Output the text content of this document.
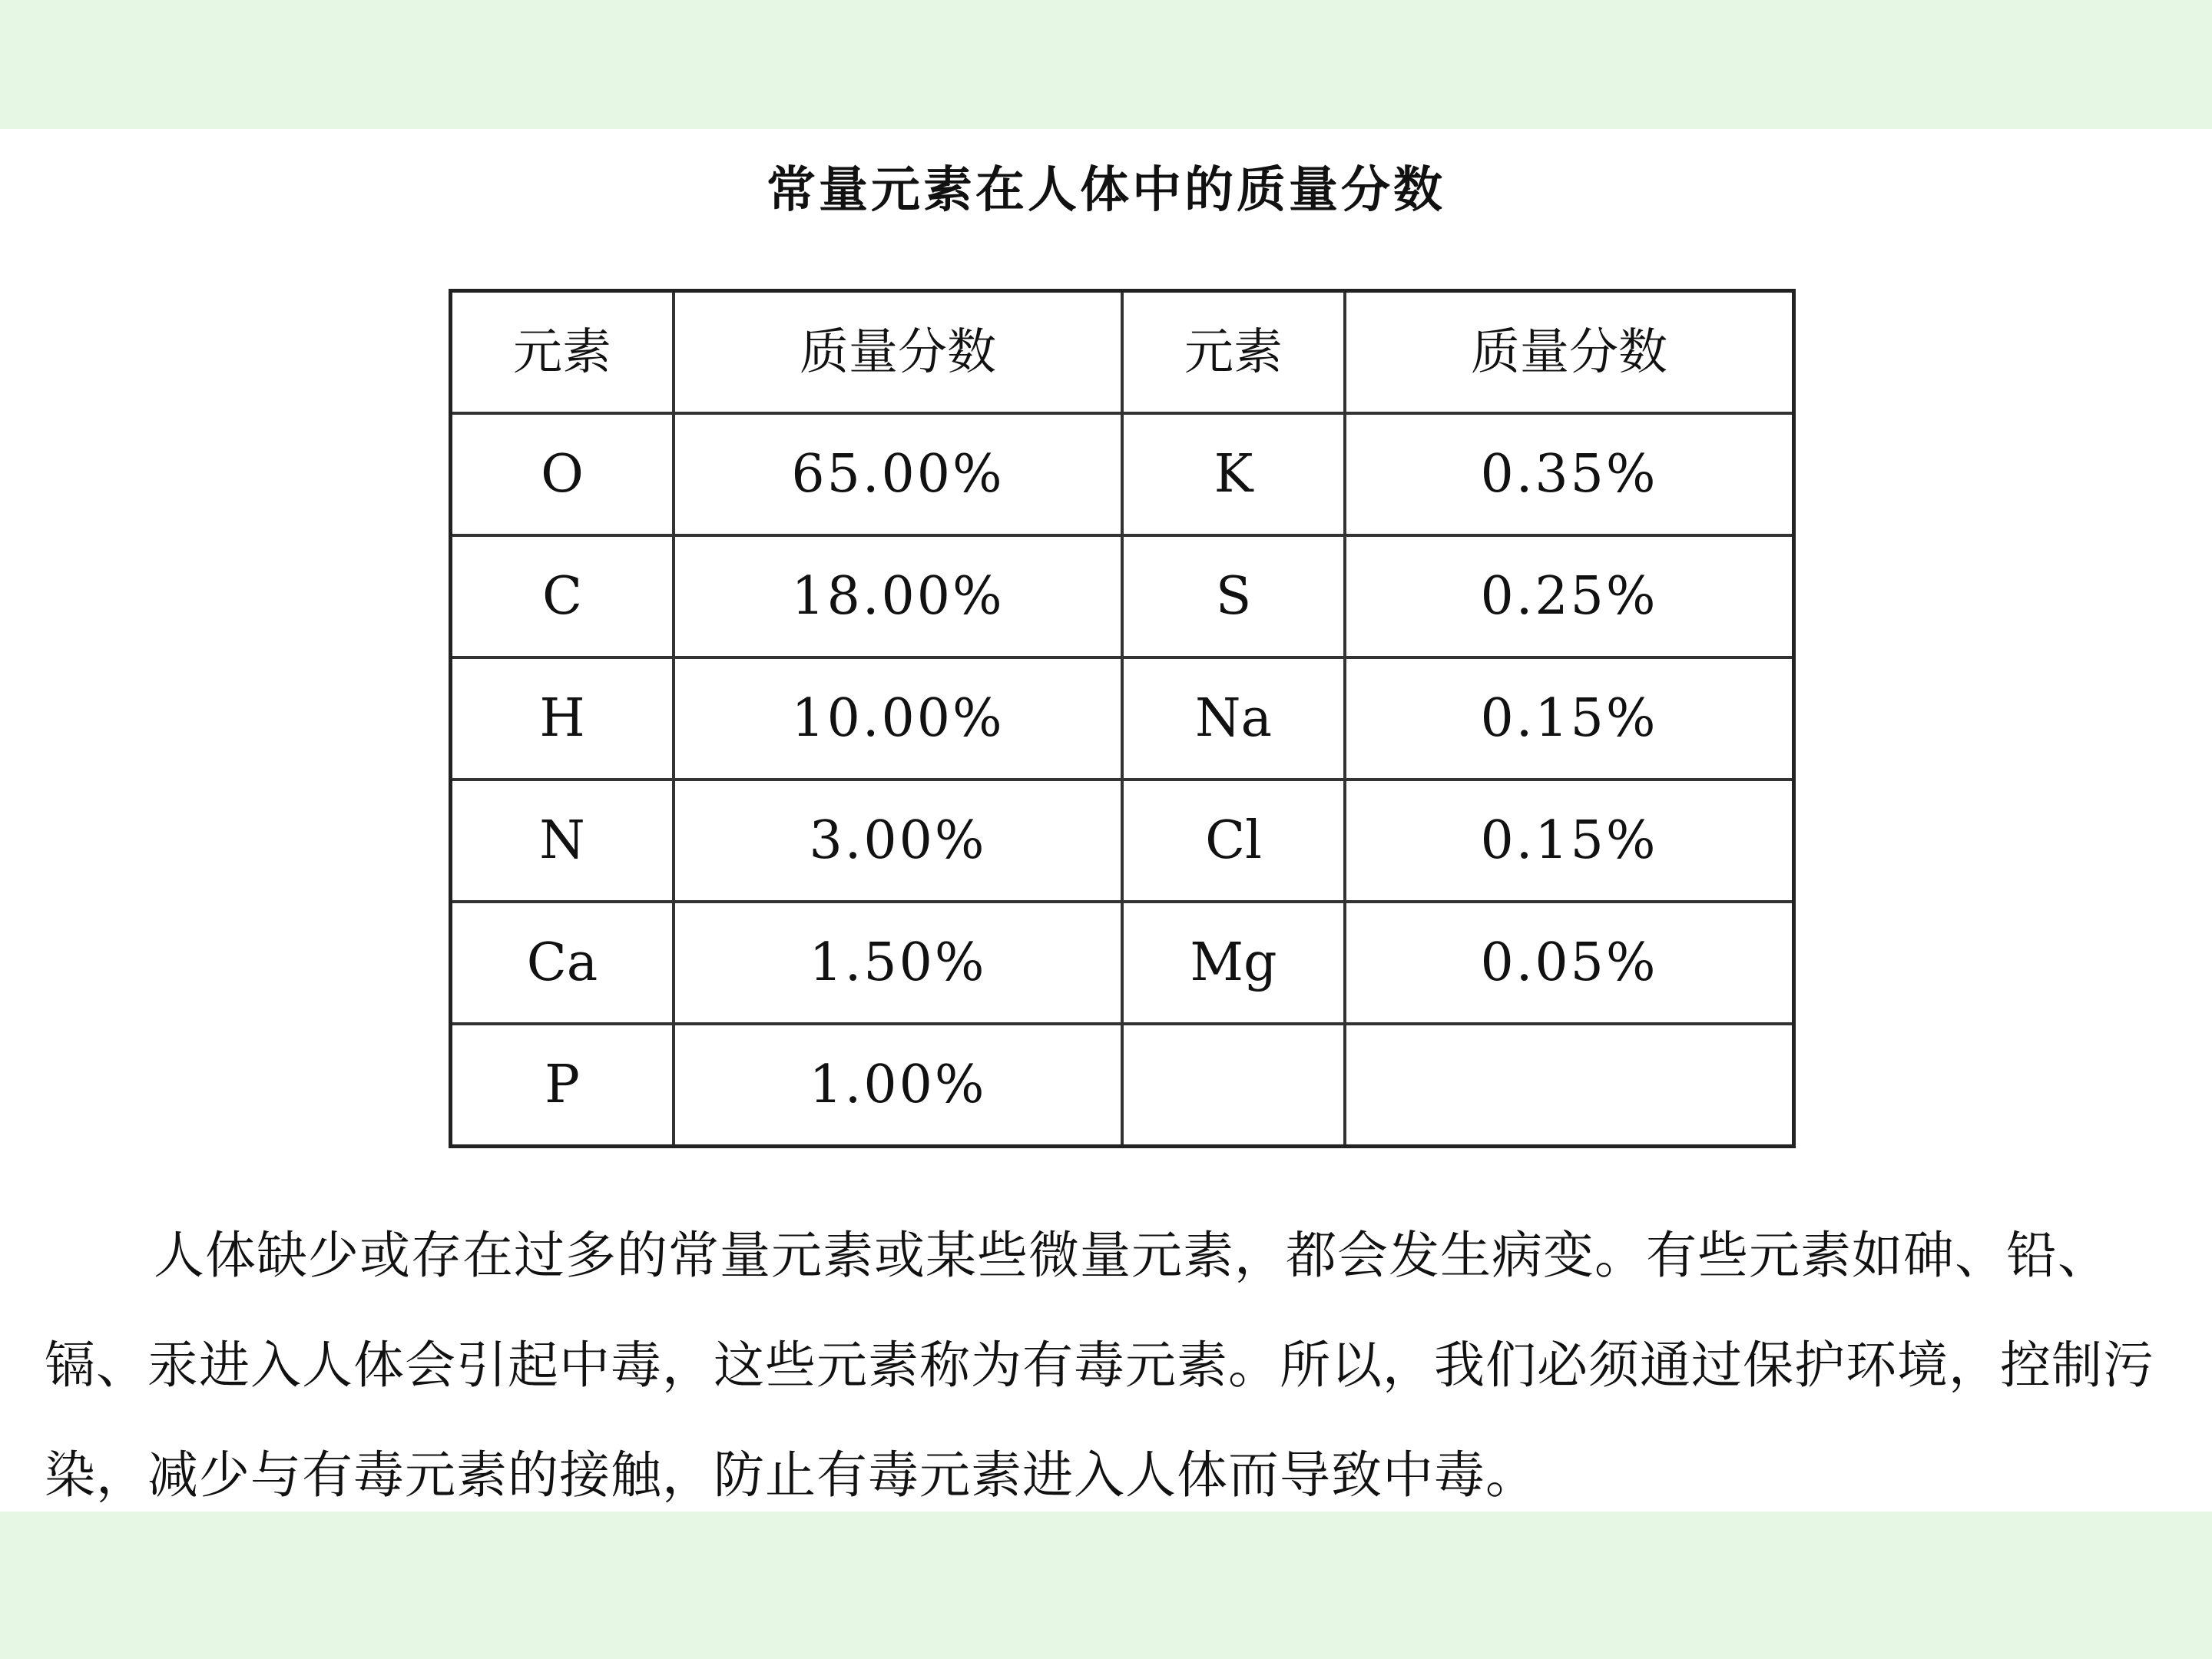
常量元素在人体中的质量分数
元素	质量分数	元素	质量分数
O	65.00%	K	0.35%
C	18.00%	S	0.25%
H	10.00%	Na	0.15%
N	3.00%	Cl	0.15%
Ca	1.50%	Mg	0.05%
P	1.00%		

人体缺少或存在过多的常量元素或某些微量元素，都会发生病变。有些元素如砷、铅、镉、汞进入人体会引起中毒，这些元素称为有毒元素。所以，我们必须通过保护环境，控制污染，减少与有毒元素的接触，防止有毒元素进入人体而导致中毒。
